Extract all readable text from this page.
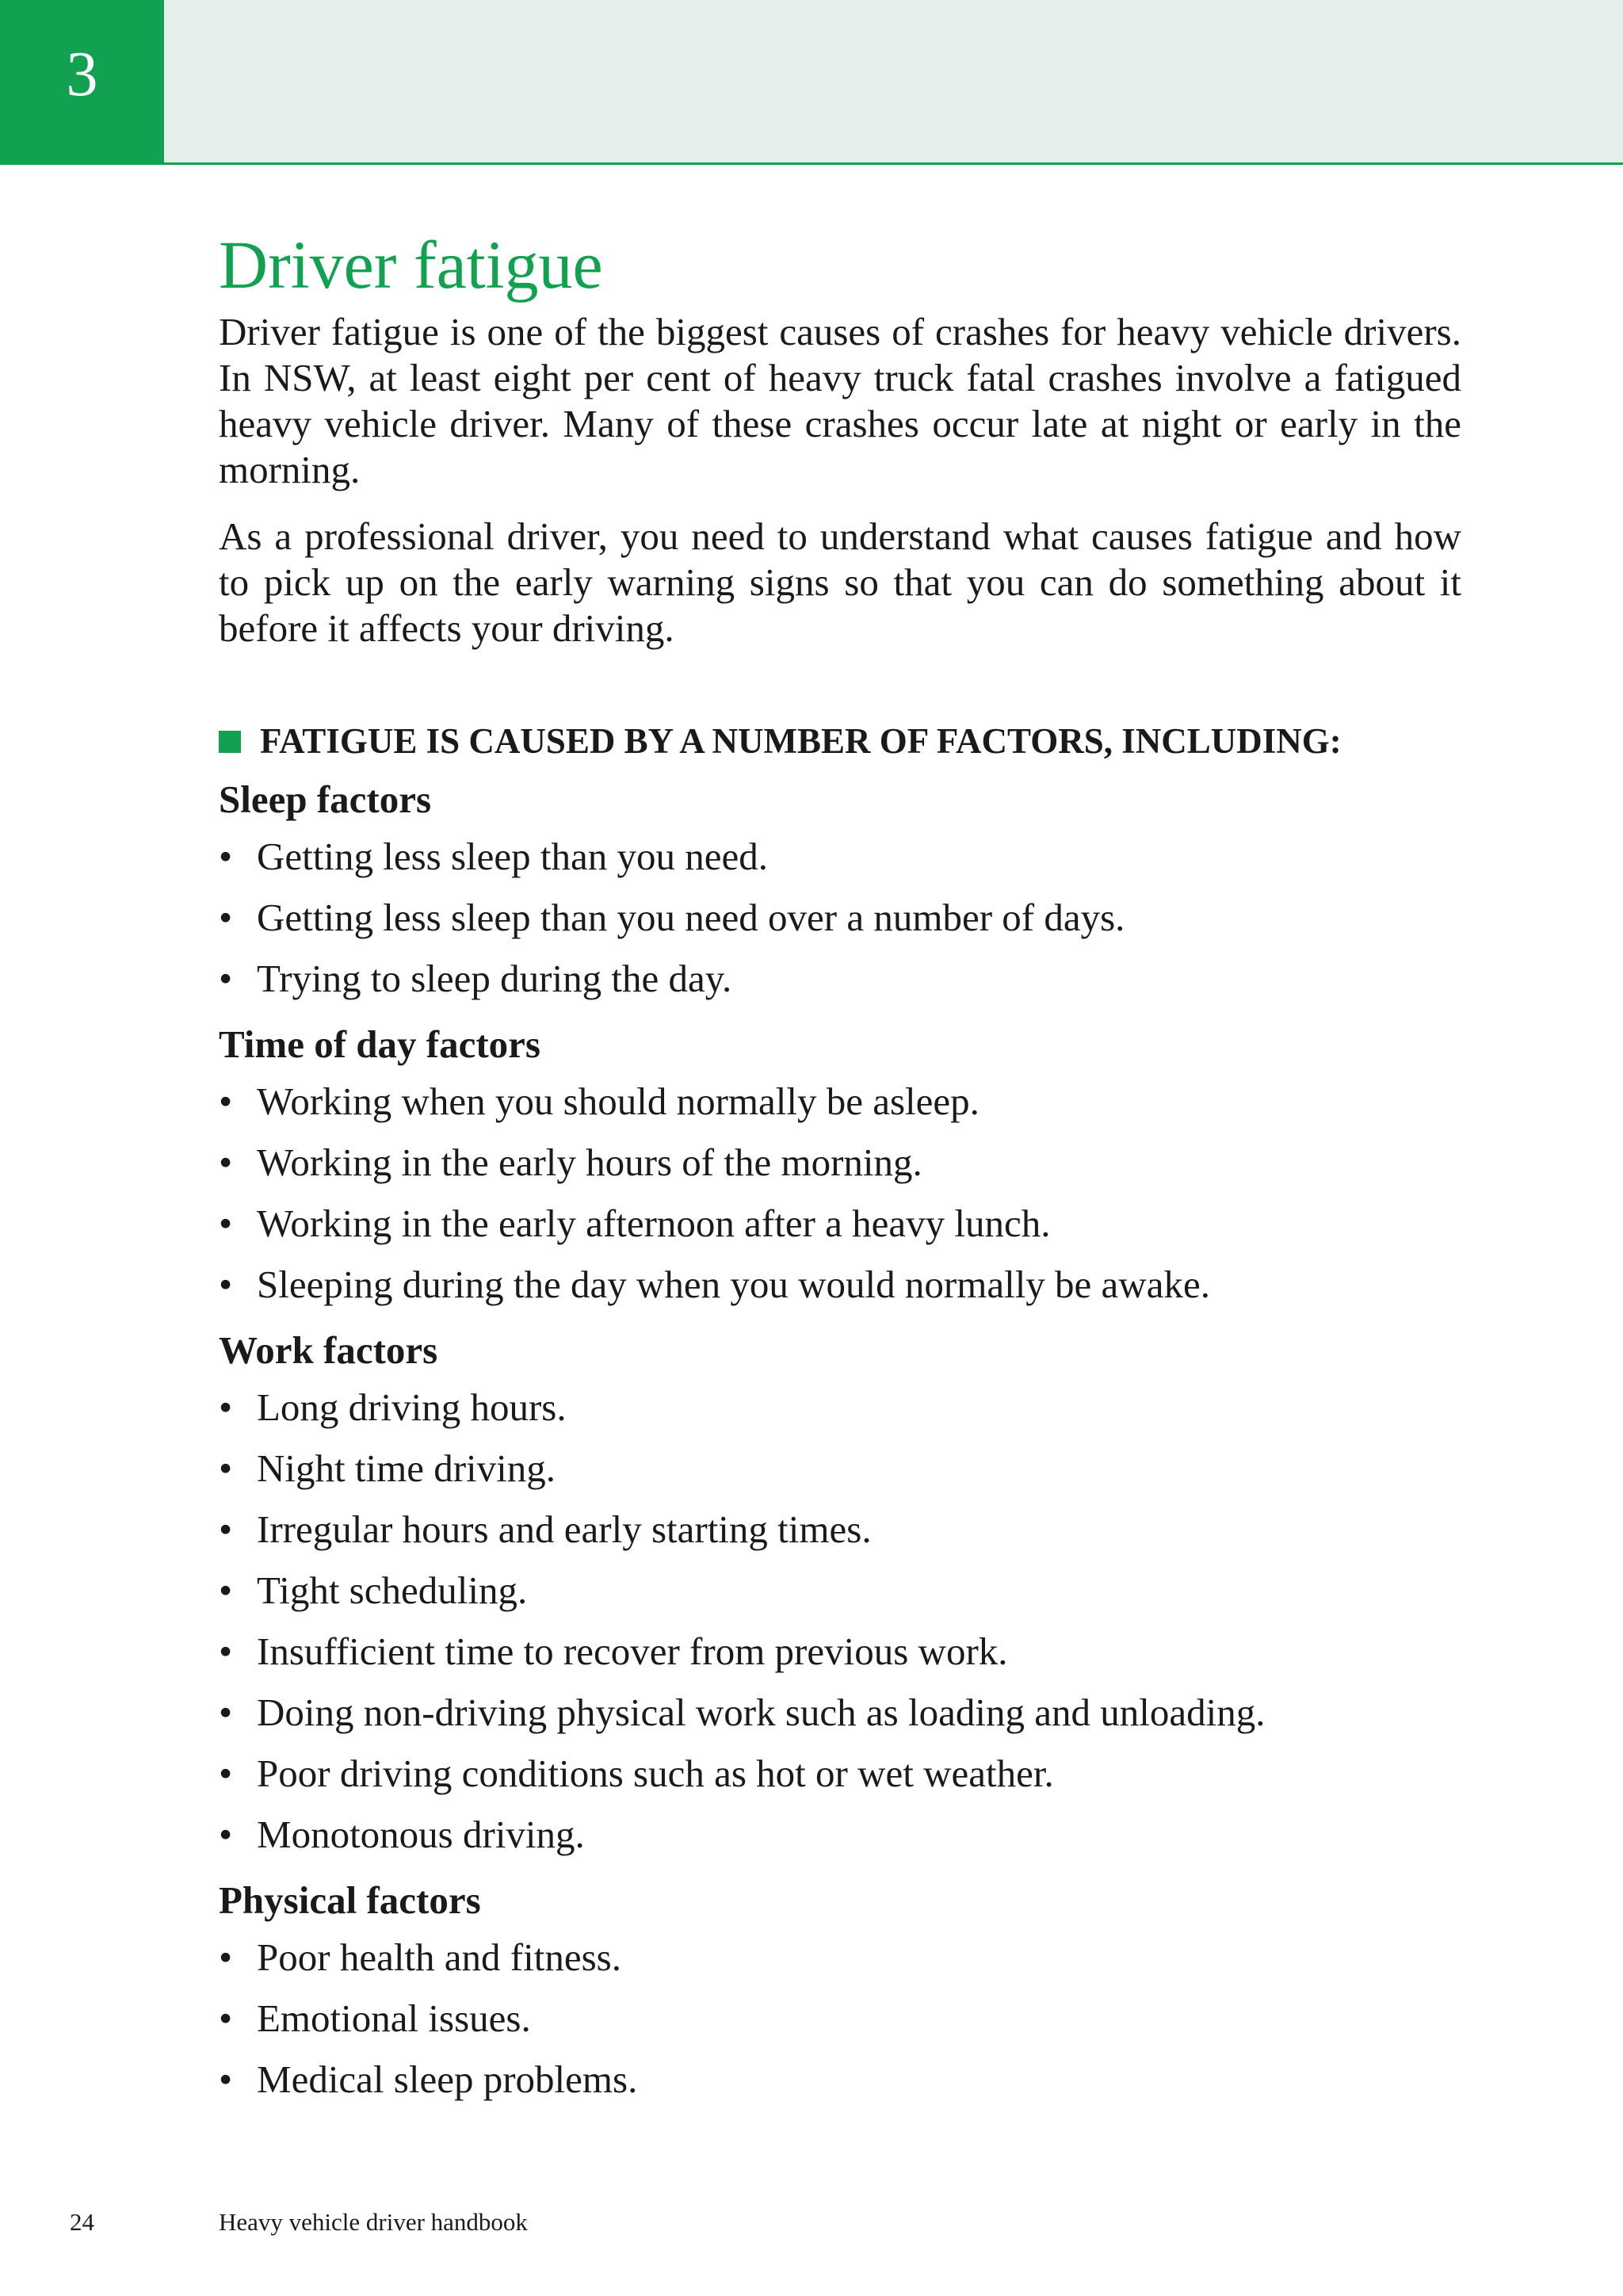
3
Driver fatigue

Driver fatigue is one of the biggest causes of crashes for heavy vehicle drivers. In NSW, at least eight per cent of heavy truck fatal crashes involve a fatigued heavy vehicle driver. Many of these crashes occur late at night or early in the morning.

As a professional driver, you need to understand what causes fatigue and how to pick up on the early warning signs so that you can do something about it before it affects your driving.

FATIGUE IS CAUSED BY A NUMBER OF FACTORS, INCLUDING:
Sleep factors
• Getting less sleep than you need.
• Getting less sleep than you need over a number of days.
• Trying to sleep during the day.
Time of day factors
• Working when you should normally be asleep.
• Working in the early hours of the morning.
• Working in the early afternoon after a heavy lunch.
• Sleeping during the day when you would normally be awake.
Work factors
• Long driving hours.
• Night time driving.
• Irregular hours and early starting times.
• Tight scheduling.
• Insufficient time to recover from previous work.
• Doing non-driving physical work such as loading and unloading.
• Poor driving conditions such as hot or wet weather.
• Monotonous driving.
Physical factors
• Poor health and fitness.
• Emotional issues.
• Medical sleep problems.
24	Heavy vehicle driver handbook
